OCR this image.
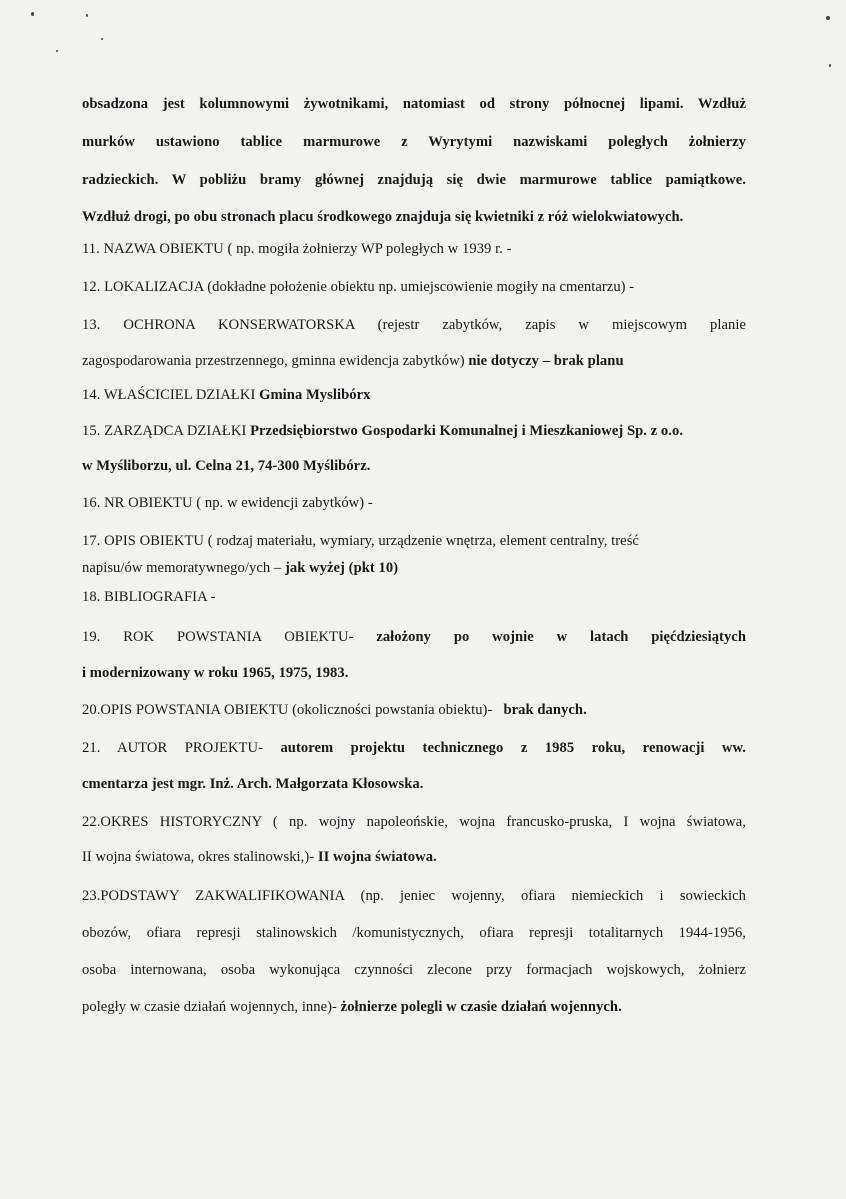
obsadzona jest kolumnowymi żywotnikami, natomiast od strony północnej lipami. Wzdłuż
murków ustawiono tablice marmurowe z Wyrytymi nazwiskami poległych żołnierzy
radzieckich. W pobliżu bramy głównej znajdują się dwie marmurowe tablice pamiątkowe.
Wzdłuż drogi, po obu stronach placu środkowego znajduja się kwietniki z róż wielokwiatowych.
11. NAZWA OBIEKTU ( np. mogiła żołnierzy WP poległych w 1939 r. -
12. LOKALIZACJA (dokładne położenie obiektu np. umiejscowienie mogiły na cmentarzu) -
13. OCHRONA KONSERWATORSKA (rejestr zabytków, zapis w miejscowym planie
zagospodarowania przestrzennego, gminna ewidencja zabytków) nie dotyczy – brak planu
14. WŁAŚCICIEL DZIAŁKI Gmina Myslibórx
15. ZARZĄDCA DZIAŁKI Przedsiębiorstwo Gospodarki Komunalnej i Mieszkaniowej Sp. z o.o.
w Myśliborzu, ul. Celna 21, 74-300 Myślibórz.
16. NR OBIEKTU ( np. w ewidencji zabytków) -
17. OPIS OBIEKTU ( rodzaj materiału, wymiary, urządzenie wnętrza, element centralny, treść
napisu/ów memoratywnego/ych – jak wyżej (pkt 10)
18. BIBLIOGRAFIA -
19. ROK POWSTANIA OBIEKTU- założony po wojnie w latach pięćdziesiątych
i modernizowany w roku 1965, 1975, 1983.
20.OPIS POWSTANIA OBIEKTU (okoliczności powstania obiektu)-   brak danych.
21. AUTOR PROJEKTU- autorem projektu technicznego z 1985 roku, renowacji ww.
cmentarza jest mgr. Inż. Arch. Małgorzata Kłosowska.
22.OKRES HISTORYCZNY ( np. wojny napoleońskie, wojna francusko-pruska, I wojna światowa,
II wojna światowa, okres stalinowski,)- II wojna światowa.
23.PODSTAWY ZAKWALIFIKOWANIA (np. jeniec wojenny, ofiara niemieckich i sowieckich
obozów, ofiara represji stalinowskich /komunistycznych, ofiara represji totalitarnych 1944-1956,
osoba internowana, osoba wykonująca czynności zlecone przy formacjach wojskowych, żołnierz
poległy w czasie działań wojennych, inne)- żołnierze polegli w czasie działań wojennych.
